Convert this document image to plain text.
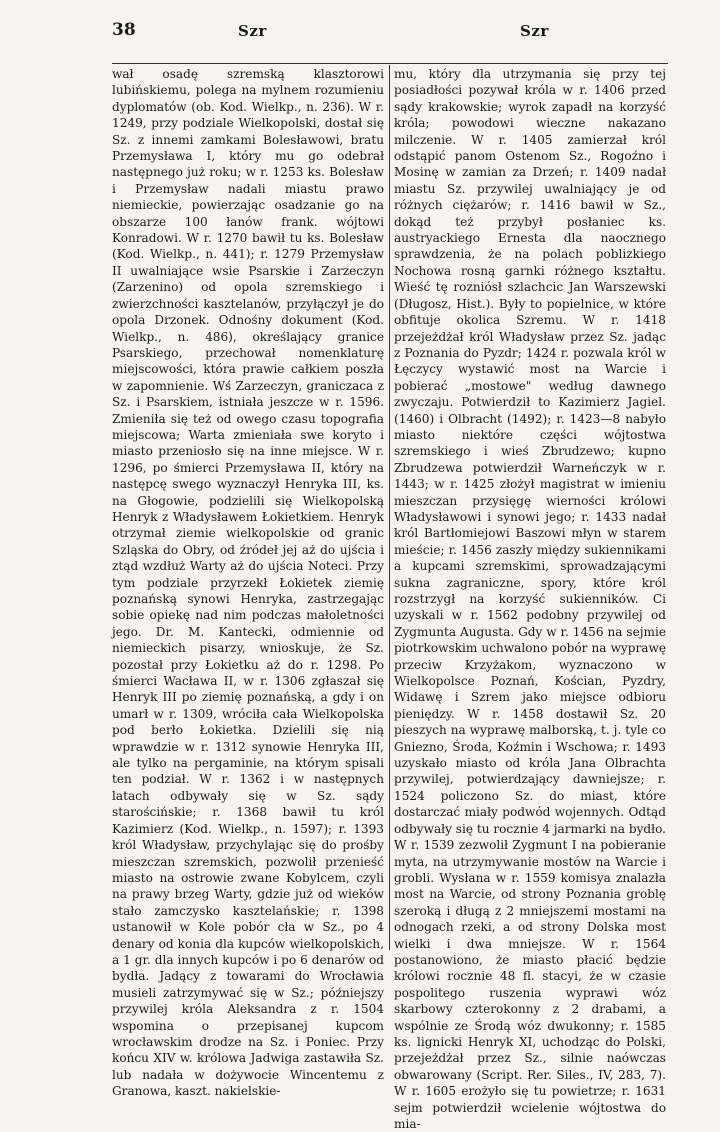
38	Szr	Szr

wał osadę szremską klasztorowi lubińskiemu, polega na mylnem rozumieniu dyplomatów (ob. Kod. Wielkp., n. 236). W r. 1249, przy podziale Wielkopolski, dostał się Sz. z innemi zamkami Bolesławowi, bratu Przemysława I, który mu go odebrał następnego już roku; w r. 1253 ks. Bolesław i Przemysław nadali miastu prawo niemieckie, powierzając osadzanie go na obszarze 100 łanów frank. wójtowi Konradowi. W r. 1270 bawił tu ks. Bolesław (Kod. Wielkp., n. 441); r. 1279 Przemysław II uwalniające wsie Psarskie i Zarzeczyn (Zarzenino) od opola szremskiego i zwierzchności kasztelanów, przyłączył je do opola Drzonek. Odnośny dokument (Kod. Wielkp., n. 486), określający granice Psarskiego, przechował nomenklaturę miejscowości, która prawie całkiem poszła w zapomnienie. Wś Zarzeczyn, graniczaca z Sz. i Psarskiem, istniała jeszcze w r. 1596. Zmieniła się też od owego czasu topografia miejscowa; Warta zmieniała swe koryto i miasto przeniosło się na inne miejsce. W r. 1296, po śmierci Przemysława II, który na następcę swego wyznaczył Henryka III, ks. na Głogowie, podzielili się Wielkopolską Henryk z Władysławem Łokietkiem. Henryk otrzymał ziemie wielkopolskie od granic Szląska do Obry, od źródeł jej aż do ujścia i ztąd wzdłuż Warty aż do ujścia Noteci. Przy tym podziale przyrzekł Łokietek ziemię poznańską synowi Henryka, zastrzegając sobie opiekę nad nim podczas małoletności jego. Dr. M. Kantecki, odmiennie od niemieckich pisarzy, wnioskuje, że Sz. pozostał przy Łokietku aż do r. 1298. Po śmierci Wacława II, w r. 1306 zgłaszał się Henryk III po ziemię poznańską, a gdy i on umarł w r. 1309, wróciła cała Wielkopolska pod berło Łokietka. Dzielili się nią wprawdzie w r. 1312 synowie Henryka III, ale tylko na pergaminie, na którym spisali ten podział. W r. 1362 i w następnych latach odbywały się w Sz. sądy starościńskie; r. 1368 bawił tu król Kazimierz (Kod. Wielkp., n. 1597); r. 1393 król Władysław, przychylając się do prośby mieszczan szremskich, pozwolił przenieść miasto na ostrowie zwane Kobylcem, czyli na prawy brzeg Warty, gdzie już od wieków stało zamczysko kasztelańskie; r. 1398 ustanowił w Kole pobór cła w Sz., po 4 denary od konia dla kupców wielkopolskich, a 1 gr. dla innych kupców i po 6 denarów od bydła. Jadący z towarami do Wrocławia musieli zatrzymywać się w Sz.; późniejszy przywilej króla Aleksandra z r. 1504 wspomina o przepisanej kupcom wrocławskim drodze na Sz. i Poniec. Przy końcu XIV w. królowa Jadwiga zastawiła Sz. lub nadała w dożywocie Wincentemu z Granowa, kaszt. nakielskie-

mu, który dla utrzymania się przy tej posiadłości pozywał króla w r. 1406 przed sądy krakowskie; wyrok zapadł na korzyść króla; powodowi wieczne nakazano milczenie. W r. 1405 zamierzał król odstąpić panom Ostenom Sz., Rogoźno i Mosinę w zamian za Drzeń; r. 1409 nadał miastu Sz. przywilej uwalniający je od różnych ciężarów; r. 1416 bawił w Sz., dokąd też przybył posłaniec ks. austryackiego Ernesta dla naocznego sprawdzenia, że na polach poblizkiego Nochowa rosną garnki różnego kształtu. Wieść tę rozniósł szlachcic Jan Warszewski (Długosz, Hist.). Były to popielnice, w które obfituje okolica Szremu. W r. 1418 przejeżdżał król Władysław przez Sz. jadąc z Poznania do Pyzdr; 1424 r. pozwala król w Łęczycy wystawić most na Warcie i pobierać „mostowe" według dawnego zwyczaju. Potwierdził to Kazimierz Jagiel. (1460) i Olbracht (1492); r. 1423—8 nabyło miasto niektóre części wójtostwa szremskiego i wieś Zbrudzewo; kupno Zbrudzewa potwierdził Warneńczyk w r. 1443; w r. 1425 złożył magistrat w imieniu mieszczan przysięgę wierności królowi Władysławowi i synowi jego; r. 1433 nadał król Bartłomiejowi Baszowi młyn w starem mieście; r. 1456 zaszły między sukiennikami a kupcami szremskimi, sprowadzającymi sukna zagraniczne, spory, które król rozstrzygł na korzyść sukienników. Ci uzyskali w r. 1562 podobny przywilej od Zygmunta Augusta. Gdy w r. 1456 na sejmie piotrkowskim uchwalono pobór na wyprawę przeciw Krzyżakom, wyznaczono w Wielkopolsce Poznań, Kościan, Pyzdry, Widawę i Szrem jako miejsce odbioru pieniędzy. W r. 1458 dostawił Sz. 20 pieszych na wyprawę malborską, t. j. tyle co Gniezno, Środa, Koźmin i Wschowa; r. 1493 uzyskało miasto od króla Jana Olbrachta przywilej, potwierdzający dawniejsze; r. 1524 policzono Sz. do miast, które dostarczać miały podwód wojennych. Odtąd odbywały się tu rocznie 4 jarmarki na bydło. W r. 1539 zezwolił Zygmunt I na pobieranie myta, na utrzymywanie mostów na Warcie i grobli. Wysłana w r. 1559 komisya znalazła most na Warcie, od strony Poznania groblę szeroką i długą z 2 mniejszemi mostami na odnogach rzeki, a od strony Dolska most wielki i dwa mniejsze. W r. 1564 postanowiono, że miasto płacić będzie królowi rocznie 48 fl. stacyi, że w czasie pospolitego ruszenia wyprawi wóz skarbowy czterokonny z 2 drabami, a wspólnie ze Środą wóz dwukonny; r. 1585 ks. lignicki Henryk XI, uchodząc do Polski, przejeżdżał przez Sz., silnie naówczas obwarowany (Script. Rer. Siles., IV, 283, 7). W r. 1605 erożyło się tu powietrze; r. 1631 sejm potwierdził wcielenie wójtostwa do mia-
